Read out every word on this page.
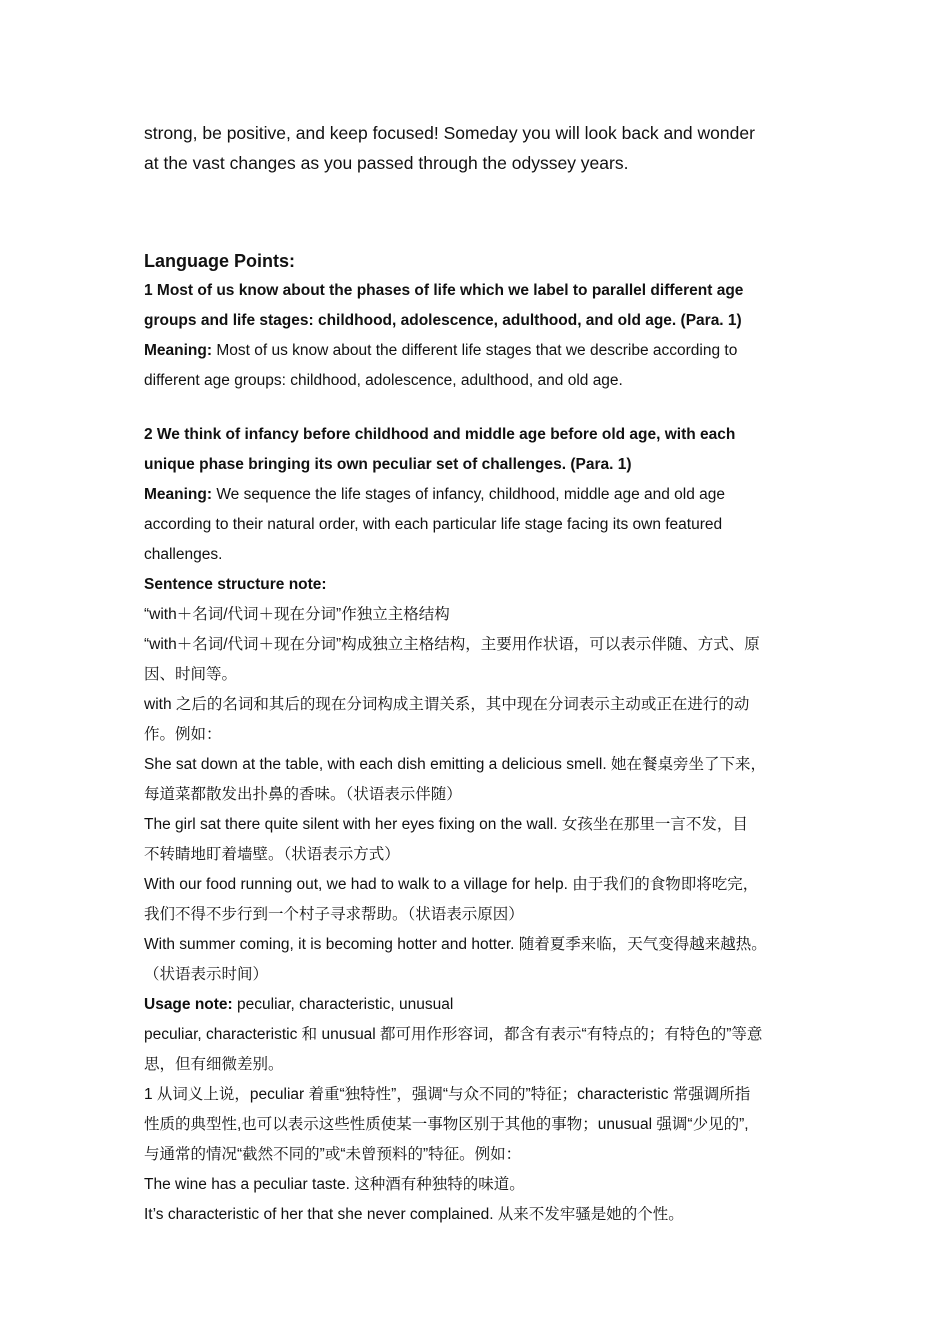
strong, be positive, and keep focused! Someday you will look back and wonder

at the vast changes as you passed through the odyssey years.

Language Points:

1 Most of us know about the phases of life which we label to parallel different age

groups and life stages: childhood, adolescence, adulthood, and old age. (Para. 1)

Meaning: Most of us know about the different life stages that we describe according to

different age groups: childhood, adolescence, adulthood, and old age.

2 We think of infancy before childhood and middle age before old age, with each

unique phase bringing its own peculiar set of challenges. (Para. 1)

Meaning: We sequence the life stages of infancy, childhood, middle age and old age

according to their natural order, with each particular life stage facing its own featured

challenges.

Sentence structure note:

“with＋名词/代词＋现在分词”作独立主格结构

“with＋名词/代词＋现在分词”构成独立主格结构，主要用作状语，可以表示伴随、方式、原

因、时间等。

with 之后的名词和其后的现在分词构成主谓关系，其中现在分词表示主动或正在进行的动

作。例如：

She sat down at the table, with each dish emitting a delicious smell. 她在餐桌旁坐了下来，

每道菜都散发出扑鼻的香味。（状语表示伴随）

The girl sat there quite silent with her eyes fixing on the wall. 女孩坐在那里一言不发，目

不转睛地盯着墙壁。（状语表示方式）

With our food running out, we had to walk to a village for help. 由于我们的食物即将吃完，

我们不得不步行到一个村子寻求帮助。（状语表示原因）

With summer coming, it is becoming hotter and hotter. 随着夏季来临，天气变得越来越热。

（状语表示时间）

Usage note: peculiar, characteristic, unusual

peculiar, characteristic 和 unusual 都可用作形容词，都含有表示“有特点的；有特色的”等意

思，但有细微差别。

1 从词义上说，peculiar 着重“独特性”，强调“与众不同的”特征；characteristic 常强调所指

性质的典型性,也可以表示这些性质使某一事物区别于其他的事物；unusual 强调“少见的”,

与通常的情况“截然不同的”或“未曾预料的”特征。例如：

The wine has a peculiar taste. 这种酒有种独特的味道。

It’s characteristic of her that she never complained. 从来不发牢骚是她的个性。
